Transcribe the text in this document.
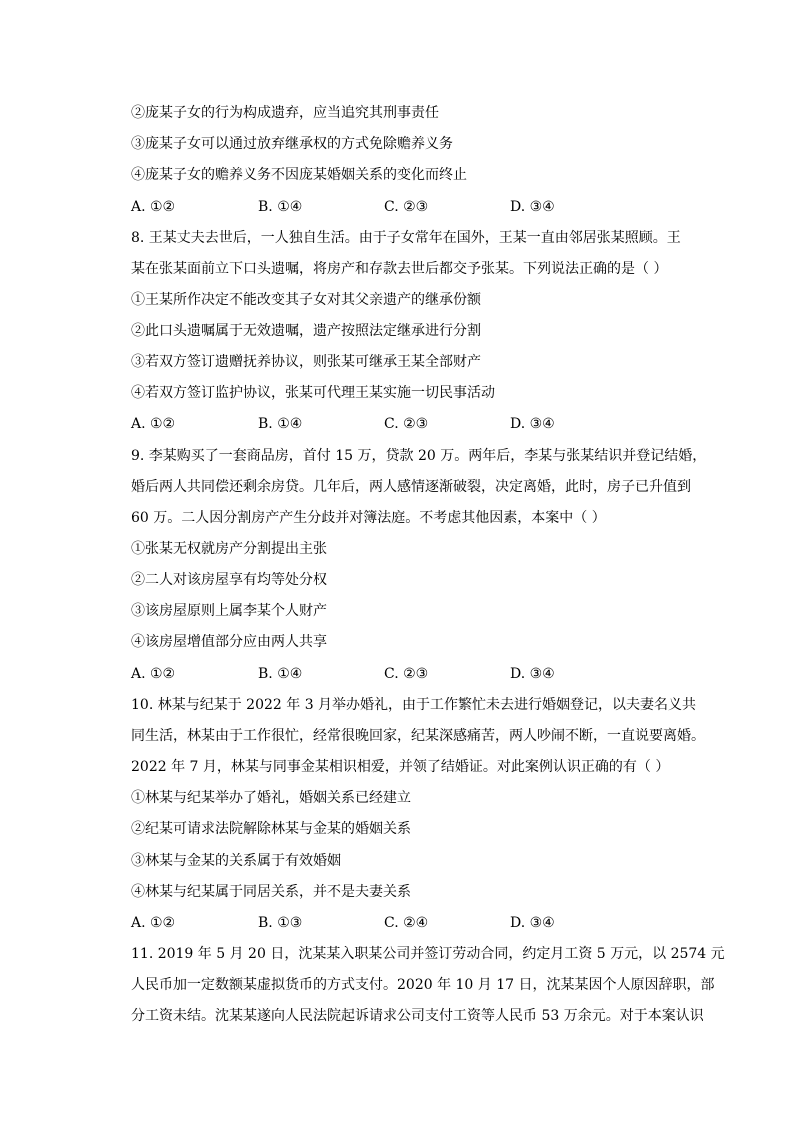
②庞某子女的行为构成遗弃，应当追究其刑事责任
③庞某子女可以通过放弃继承权的方式免除赡养义务
④庞某子女的赡养义务不因庞某婚姻关系的变化而终止
A. ①②	B. ①④	C. ②③	D. ③④
8. 王某丈夫去世后，一人独自生活。由于子女常年在国外，王某一直由邻居张某照顾。王
某在张某面前立下口头遗嘱，将房产和存款去世后都交予张某。下列说法正确的是（ ）
①王某所作决定不能改变其子女对其父亲遗产的继承份额
②此口头遗嘱属于无效遗嘱，遗产按照法定继承进行分割
③若双方签订遗赠抚养协议，则张某可继承王某全部财产
④若双方签订监护协议，张某可代理王某实施一切民事活动
A. ①②	B. ①④	C. ②③	D. ③④
9. 李某购买了一套商品房，首付 15 万，贷款 20 万。两年后，李某与张某结识并登记结婚，
婚后两人共同偿还剩余房贷。几年后，两人感情逐渐破裂，决定离婚，此时，房子已升值到
60 万。二人因分割房产产生分歧并对簿法庭。不考虑其他因素，本案中（ ）
①张某无权就房产分割提出主张
②二人对该房屋享有均等处分权
③该房屋原则上属李某个人财产
④该房屋增值部分应由两人共享
A. ①②	B. ①④	C. ②③	D. ③④
10. 林某与纪某于 2022 年 3 月举办婚礼，由于工作繁忙未去进行婚姻登记，以夫妻名义共
同生活，林某由于工作很忙，经常很晚回家，纪某深感痛苦，两人吵闹不断，一直说要离婚。
2022 年 7 月，林某与同事金某相识相爱，并领了结婚证。对此案例认识正确的有（ ）
①林某与纪某举办了婚礼，婚姻关系已经建立
②纪某可请求法院解除林某与金某的婚姻关系
③林某与金某的关系属于有效婚姻
④林某与纪某属于同居关系，并不是夫妻关系
A. ①②	B. ①③	C. ②④	D. ③④
11. 2019 年 5 月 20 日，沈某某入职某公司并签订劳动合同，约定月工资 5 万元，以 2574 元
人民币加一定数额某虚拟货币的方式支付。2020 年 10 月 17 日，沈某某因个人原因辞职，部
分工资未结。沈某某遂向人民法院起诉请求公司支付工资等人民币 53 万余元。对于本案认识
